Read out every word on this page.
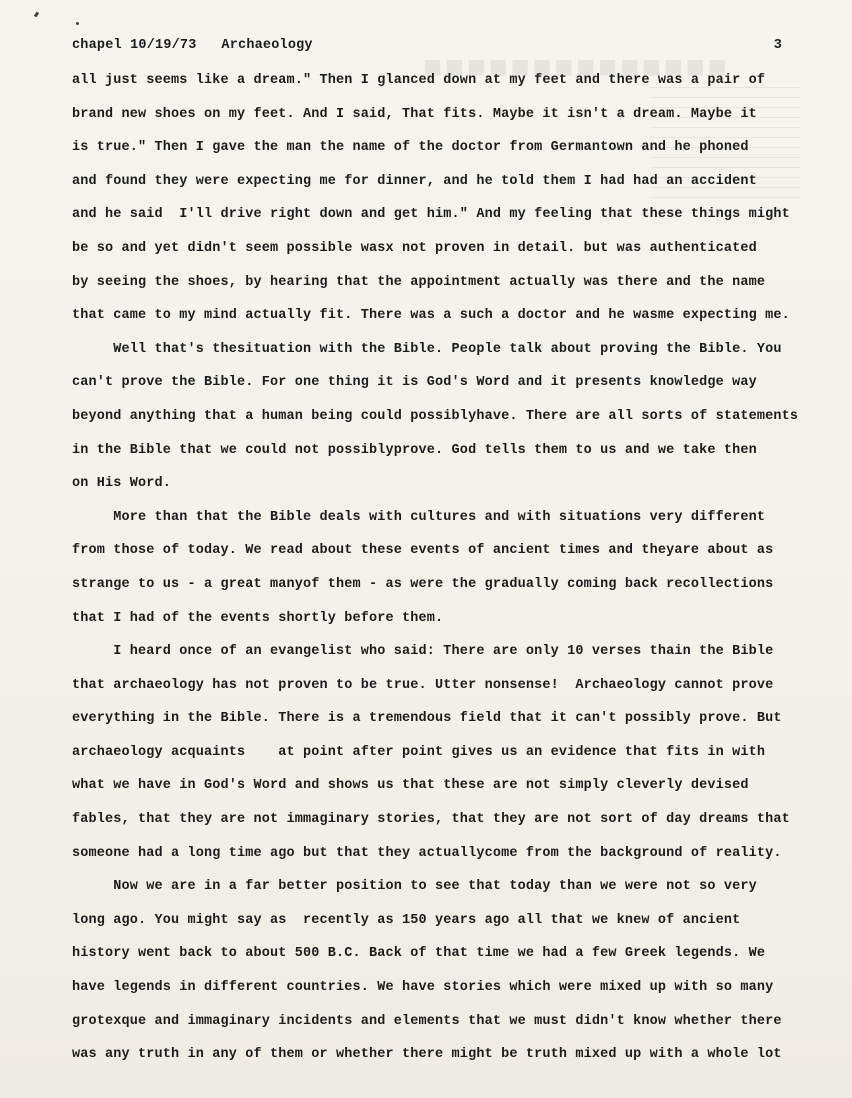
■■■■■■■■■■■■■■
chapel 10/19/73   Archaeology	3
all just seems like a dream." Then I glanced down at my feet and there was a pair of
brand new shoes on my feet. And I said, That fits. Maybe it isn't a dream. Maybe it
is true." Then I gave the man the name of the doctor from Germantown and he phoned
and found they were expecting me for dinner, and he told them I had had an accident
and he said  I'll drive right down and get him." And my feeling that these things might
be so and yet didn't seem possible wasx not proven in detail. but was authenticated
by seeing the shoes, by hearing that the appointment actually was there and the name
that came to my mind actually fit. There was a such a doctor and he wasme expecting me.
Well that's thesituation with the Bible. People talk about proving the Bible. You
can't prove the Bible. For one thing it is God's Word and it presents knowledge way
beyond anything that a human being could possiblyhave. There are all sorts of statements
in the Bible that we could not possiblyprove. God tells them to us and we take then
on His Word.
More than that the Bible deals with cultures and with situations very different
from those of today. We read about these events of ancient times and theyare about as
strange to us - a great manyof them - as were the gradually coming back recollections
that I had of the events shortly before them.
I heard once of an evangelist who said: There are only 10 verses thain the Bible
that archaeology has not proven to be true. Utter nonsense!  Archaeology cannot prove
everything in the Bible. There is a tremendous field that it can't possibly prove. But
archaeology acquaints    at point after point gives us an evidence that fits in with
what we have in God's Word and shows us that these are not simply cleverly devised
fables, that they are not immaginary stories, that they are not sort of day dreams that
someone had a long time ago but that they actuallycome from the background of reality.
Now we are in a far better position to see that today than we were not so very
long ago. You might say as  recently as 150 years ago all that we knew of ancient
history went back to about 500 B.C. Back of that time we had a few Greek legends. We
have legends in different countries. We have stories which were mixed up with so many
grotexque and immaginary incidents and elements that we must didn't know whether there
was any truth in any of them or whether there might be truth mixed up with a whole lot
